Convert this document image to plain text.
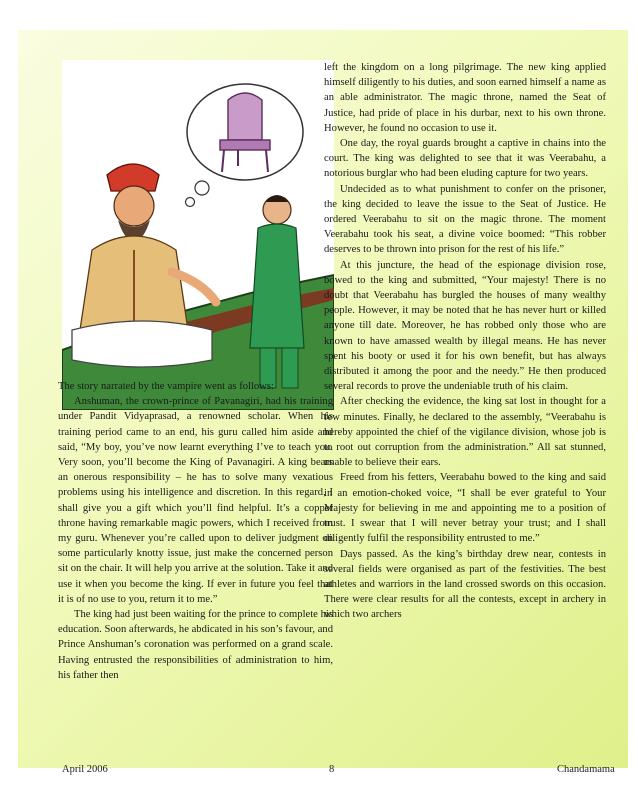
The story narrated by the vampire went as follows:

Anshuman, the crown-prince of Pavanagiri, had his training under Pandit Vidyaprasad, a renowned scholar. When his training period came to an end, his guru called him aside and said, “My boy, you’ve now learnt everything I’ve to teach you. Very soon, you’ll become the King of Pavanagiri. A king bears an onerous responsibility – he has to solve many vexatious problems using his intelligence and discretion. In this regard, I shall give you a gift which you’ll find helpful. It’s a copper throne having remarkable magic powers, which I received from my guru. Whenever you’re called upon to deliver judgment on some particularly knotty issue, just make the concerned person sit on the chair. It will help you arrive at the solution. Take it and use it when you become the king. If ever in future you feel that it is of no use to you, return it to me.”

The king had just been waiting for the prince to complete his education. Soon afterwards, he abdicated in his son’s favour, and Prince Anshuman’s coronation was performed on a grand scale. Having entrusted the responsibilities of administration to him, his father then

left the kingdom on a long pilgrimage. The new king applied himself diligently to his duties, and soon earned himself a name as an able administrator. The magic throne, named the Seat of Justice, had pride of place in his durbar, next to his own throne. However, he found no occasion to use it.

One day, the royal guards brought a captive in chains into the court. The king was delighted to see that it was Veerabahu, a notorious burglar who had been eluding capture for two years.

Undecided as to what punishment to confer on the prisoner, the king decided to leave the issue to the Seat of Justice. He ordered Veerabahu to sit on the magic throne. The moment Veerabahu took his seat, a divine voice boomed: “This robber deserves to be thrown into prison for the rest of his life.”

At this juncture, the head of the espionage division rose, bowed to the king and submitted, “Your majesty! There is no doubt that Veerabahu has burgled the houses of many wealthy people. However, it may be noted that he has never hurt or killed anyone till date. Moreover, he has robbed only those who are known to have amassed wealth by illegal means. He has never spent his booty or used it for his own benefit, but has always distributed it among the poor and the needy.” He then produced several records to prove the undeniable truth of his claim.

After checking the evidence, the king sat lost in thought for a few minutes. Finally, he declared to the assembly, “Veerabahu is hereby appointed the chief of the vigilance division, whose job is to root out corruption from the administration.” All sat stunned, unable to believe their ears.

Freed from his fetters, Veerabahu bowed to the king and said in an emotion-choked voice, “I shall be ever grateful to Your Majesty for believing in me and appointing me to a position of trust. I swear that I will never betray your trust; and I shall diligently fulfil the responsibility entrusted to me.”

Days passed. As the king’s birthday drew near, contests in several fields were organised as part of the festivities. The best athletes and warriors in the land crossed swords on this occasion. There were clear results for all the contests, except in archery in which two archers

April 2006	8	Chandamama
